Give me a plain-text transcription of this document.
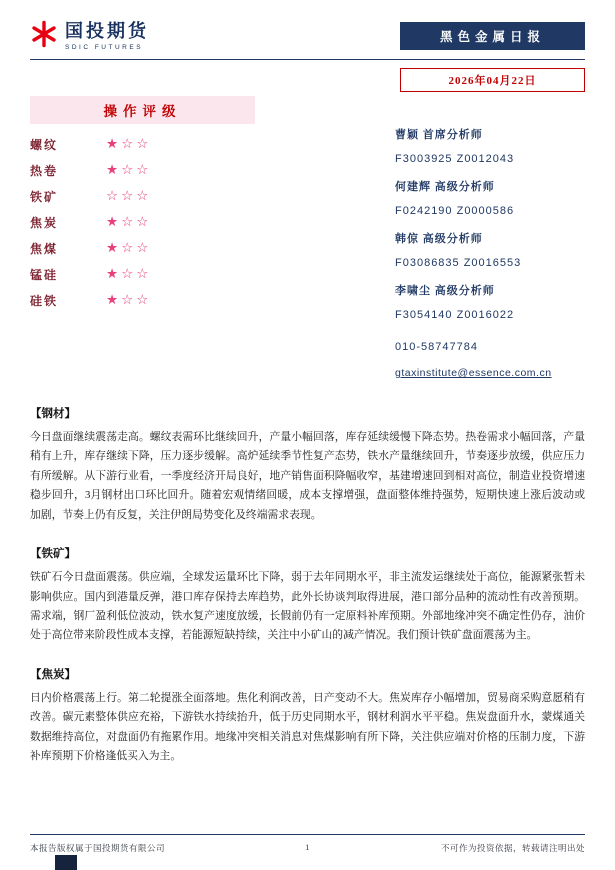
国投期货
SDIC FUTURES
黑色金属日报
2026年04月22日
操作评级
螺纹	★☆☆
热卷	★☆☆
铁矿	☆☆☆
焦炭	★☆☆
焦煤	★☆☆
锰硅	★☆☆
硅铁	★☆☆
曹颖 首席分析师
F3003925 Z0012043
何建辉 高级分析师
F0242190 Z0000586
韩倞 高级分析师
F03086835 Z0016553
李啸尘 高级分析师
F3054140 Z0016022
010-58747784
gtaxinstitute@essence.com.cn
【钢材】

今日盘面继续震荡走高。螺纹表需环比继续回升，产量小幅回落，库存延续缓慢下降态势。热卷需求小幅回落，产量稍有上升，库存继续下降，压力逐步缓解。高炉延续季节性复产态势，铁水产量继续回升，节奏逐步放缓，供应压力有所缓解。从下游行业看，一季度经济开局良好，地产销售面积降幅收窄，基建增速回到相对高位，制造业投资增速稳步回升，3月钢材出口环比回升。随着宏观情绪回暖，成本支撑增强，盘面整体维持强势，短期快速上涨后波动或加剧，节奏上仍有反复，关注伊朗局势变化及终端需求表现。

【铁矿】

铁矿石今日盘面震荡。供应端，全球发运量环比下降，弱于去年同期水平，非主流发运继续处于高位，能源紧张暂未影响供应。国内到港量反弹，港口库存保持去库趋势，此外长协谈判取得进展，港口部分品种的流动性有改善预期。需求端，钢厂盈利低位波动，铁水复产速度放缓，长假前仍有一定原料补库预期。外部地缘冲突不确定性仍存，油价处于高位带来阶段性成本支撑，若能源短缺持续，关注中小矿山的减产情况。我们预计铁矿盘面震荡为主。

【焦炭】

日内价格震荡上行。第二轮提涨全面落地。焦化利润改善，日产变动不大。焦炭库存小幅增加，贸易商采购意愿稍有改善。碳元素整体供应充裕，下游铁水持续抬升，低于历史同期水平，钢材利润水平平稳。焦炭盘面升水，蒙煤通关数据维持高位，对盘面仍有拖累作用。地缘冲突相关消息对焦煤影响有所下降，关注供应端对价格的压制力度，下游补库预期下价格逢低买入为主。

本报告版权属于国投期货有限公司	1	不可作为投资依据，转载请注明出处
